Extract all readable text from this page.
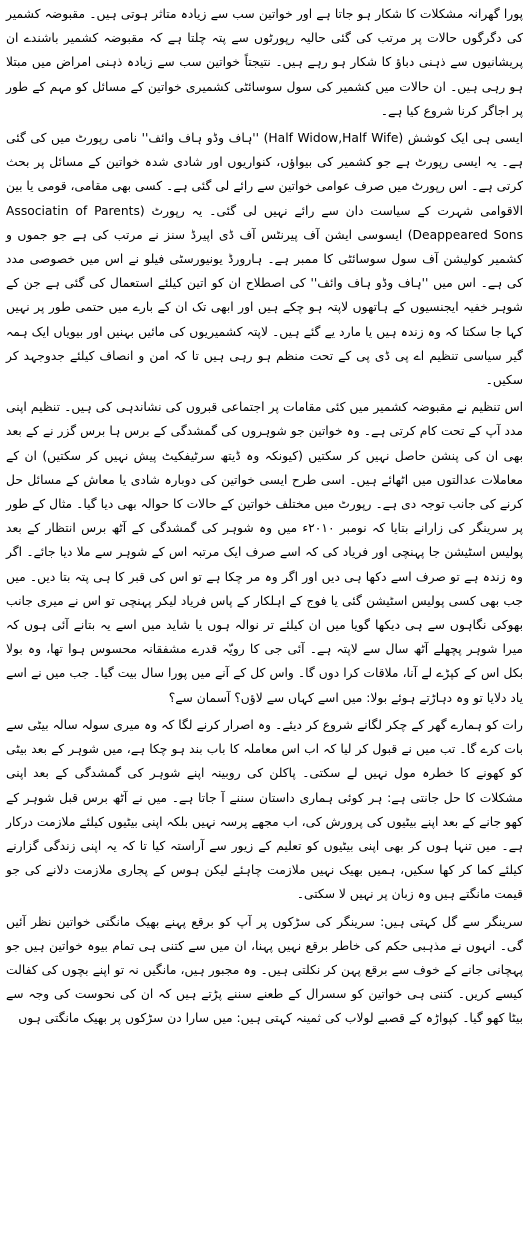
پورا گھرانہ مشکلات کا شکار ہو جاتا ہے اور خواتین سب سے زیادہ متاثر ہوتی ہیں۔ مقبوضہ کشمیر کی دگرگوں حالات پر مرتب کی گئی حالیہ رپورٹوں سے پتہ چلتا ہے کہ مقبوضہ کشمیر باشندے ان پریشانیوں سے ذہنی دباؤ کا شکار ہو رہے ہیں۔ نتیجتاً خواتین سب سے زیادہ ذہنی امراض میں مبتلا ہو رہی ہیں۔ ان حالات میں کشمیر کی سول سوسائٹی کشمیری خواتین کے مسائل کو مہم کے طور پر اجاگر کرنا شروع کیا ہے۔

ایسی ہی ایک کوشش (Half Widow,Half Wife) ''ہاف وڈو ہاف وائف'' نامی رپورٹ میں کی گئی ہے۔ یہ ایسی رپورٹ ہے جو کشمیر کی بیواؤں، کنواریوں اور شادی شدہ خواتین کے مسائل پر بحث کرتی ہے۔ اس رپورٹ میں صرف عوامی خواتین سے رائے لی گئی ہے۔ کسی بھی مقامی، قومی یا بین الاقوامی شہرت کے سیاست دان سے رائے نہیں لی گئی۔ یہ رپورٹ (Associatin of Parents Deappeared Sons) ایسوسی ایشن آف پیرنٹس آف ڈی اپیرڈ سنز نے مرتب کی ہے جو جموں و کشمیر کولیشن آف سول سوسائٹی کا ممبر ہے۔ ہارورڈ یونیورسٹی فیلو نے اس میں خصوصی مدد کی ہے۔ اس میں ''ہاف وڈو ہاف وائف'' کی اصطلاح ان کو اتین کیلئے استعمال کی گئی ہے جن کے شوہر خفیہ ایجنسیوں کے ہاتھوں لاپتہ ہو چکے ہیں اور ابھی تک ان کے بارے میں حتمی طور پر نہیں کہا جا سکتا کہ وہ زندہ ہیں یا مارد یے گئے ہیں۔ لاپتہ کشمیریوں کی مائیں بہنیں اور بیویاں ایک ہمہ گیر سیاسی تنظیم اے پی ڈی پی کے تحت منظم ہو رہی ہیں تا کہ امن و انصاف کیلئے جدوجہد کر سکیں۔

اس تنظیم نے مقبوضہ کشمیر میں کئی مقامات پر اجتماعی قبروں کی نشاندہی کی ہیں۔ تنظیم اپنی مدد آپ کے تحت کام کرتی ہے۔ وہ خواتین جو شوہروں کی گمشدگی کے برس ہا برس گزر نے کے بعد بھی ان کی پنشن حاصل نہیں کر سکتیں (کیونکہ وہ ڈیتھ سرٹیفکیٹ پیش نہیں کر سکتیں) ان کے معاملات عدالتوں میں اٹھائے ہیں۔ اسی طرح ایسی خواتین کی دوبارہ شادی یا معاش کے مسائل حل کرنے کی جانب توجہ دی ہے۔ رپورٹ میں مختلف خواتین کے حالات کا حوالہ بھی دیا گیا۔ مثال کے طور پر سرینگر کی زارانے بتایا کہ نومبر ۲۰۱۰ء میں وہ شوہر کی گمشدگی کے آٹھ برس انتظار کے بعد پولیس اسٹیشن جا پہنچی اور فریاد کی کہ اسے صرف ایک مرتبہ اس کے شوہر سے ملا دیا جائے۔ اگر وہ زندہ ہے تو صرف اسے دکھا ہی دیں اور اگر وہ مر چکا ہے تو اس کی قبر کا ہی پتہ بتا دیں۔ میں جب بھی کسی پولیس اسٹیشن گئی یا فوج کے اہلکار کے پاس فریاد لیکر پہنچی تو اس نے میری جانب بھوکی نگاہوں سے ہی دیکھا گویا میں ان کیلئے تر نوالہ ہوں یا شاید میں اسے یہ بتانے آئی ہوں کہ میرا شوہر پچھلے آٹھ سال سے لاپتہ ہے۔ آئی جی کا رویّہ قدرے مشفقانہ محسوس ہوا تھا، وہ بولا بکل اس کے کپڑے لے آنا، ملاقات کرا دوں گا۔ واس کل کے آنے میں پورا سال بیت گیا۔ جب میں نے اسے یاد دلایا تو وہ دہاڑتے ہوئے بولا: میں اسے کہاں سے لاؤں؟ آسمان سے؟

رات کو ہمارے گھر کے چکر لگانے شروع کر دیئے۔ وہ اصرار کرنے لگا کہ وہ میری سولہ سالہ بیٹی سے بات کرے گا۔ تب میں نے قبول کر لیا کہ اب اس معاملہ کا باب بند ہو چکا ہے، میں شوہر کے بعد بیٹی کو کھونے کا خطرہ مول نہیں لے سکتی۔ پاکلن کی روبینہ اپنے شوہر کی گمشدگی کے بعد اپنی مشکلات کا حل جانتی ہے: ہر کوئی ہماری داستان سننے آ جاتا ہے۔ میں نے آٹھ برس قبل شوہر کے کھو جانے کے بعد اپنے بیٹیوں کی پرورش کی، اب مجھے پرسہ نہیں بلکہ اپنی بیٹیوں کیلئے ملازمت درکار ہے۔ میں تنہا ہوں کر بھی اپنی بیٹیوں کو تعلیم کے زیور سے آراستہ کیا تا کہ یہ اپنی زندگی گزارنے کیلئے کما کر کھا سکیں، ہمیں بھیک نہیں ملازمت چاہئے لیکن ہوس کے پجاری ملازمت دلانے کی جو قیمت مانگتے ہیں وہ زبان پر نہیں لا سکتی۔

سرینگر سے گل کہتی ہیں: سرینگر کی سڑکوں پر آپ کو برقع پہنے بھیک مانگتی خواتین نظر آئیں گی۔ انہوں نے مذہبی حکم کی خاطر برقع نہیں پہنا، ان میں سے کتنی ہی تمام بیوہ خواتین ہیں جو پہچانی جانے کے خوف سے برقع پہن کر نکلتی ہیں۔ وہ مجبور ہیں، مانگیں نہ تو اپنے بچوں کی کفالت کیسے کریں۔ کتنی ہی خواتین کو سسرال کے طعنے سننے پڑتے ہیں کہ ان کی نحوست کی وجہ سے بیٹا کھو گیا۔ کپواڑہ کے قصبے لولاب کی ثمینہ کہتی ہیں: میں سارا دن سڑکوں پر بھیک مانگتی ہوں
